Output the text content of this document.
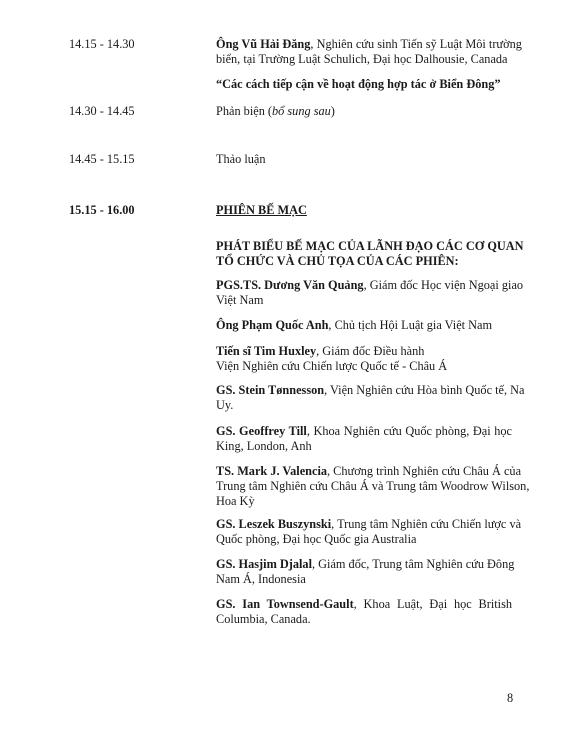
14.15 - 14.30	Ông Vũ Hải Đăng, Nghiên cứu sinh Tiến sỹ Luật Môi trường
biển, tại Trường Luật Schulich, Đại học Dalhousie, Canada
“Các cách tiếp cận về hoạt động hợp tác ở Biển Đông”
14.30 - 14.45	Phản biện (bổ sung sau)
14.45 - 15.15	Thảo luận
15.15 - 16.00	PHIÊN BẾ MẠC
PHÁT BIỂU BẾ MẠC CỦA LÃNH ĐẠO CÁC CƠ QUAN
TỔ CHỨC VÀ CHỦ TỌA CỦA CÁC PHIÊN:
PGS.TS. Dương Văn Quảng, Giám đốc Học viện Ngoại giao
Việt Nam
Ông Phạm Quốc Anh, Chủ tịch Hội Luật gia Việt Nam
Tiến sĩ Tim Huxley, Giám đốc Điều hành
Viện Nghiên cứu Chiến lược Quốc tế - Châu Á
GS. Stein Tønnesson, Viện Nghiên cứu Hòa bình Quốc tế, Na
Uy.
GS. Geoffrey Till, Khoa Nghiên cứu Quốc phòng, Đại học
King, London, Anh
TS. Mark J. Valencia, Chương trình Nghiên cứu Châu Á của
Trung tâm Nghiên cứu Châu Á và Trung tâm Woodrow Wilson,
Hoa Kỳ
GS. Leszek Buszynski, Trung tâm Nghiên cứu Chiến lược và
Quốc phòng, Đại học Quốc gia Australia
GS. Hasjim Djalal, Giám đốc, Trung tâm Nghiên cứu Đông
Nam Á, Indonesia
GS. Ian Townsend-Gault, Khoa Luật, Đại học British
Columbia, Canada.
8
